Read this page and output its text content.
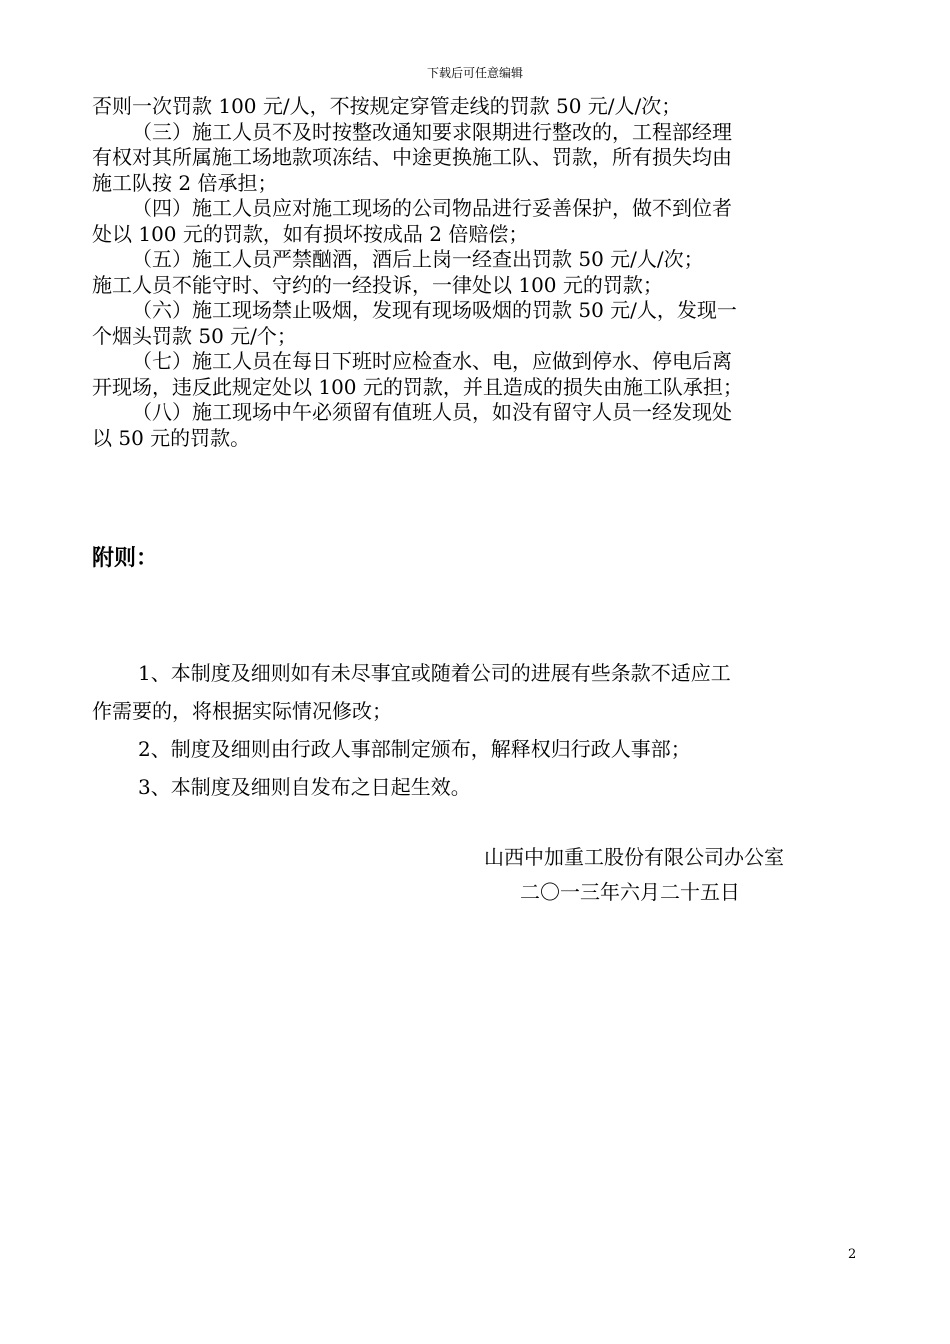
下载后可任意编辑
否则一次罚款 100 元/人，不按规定穿管走线的罚款 50 元/人/次；
（三）施工人员不及时按整改通知要求限期进行整改的，工程部经理
有权对其所属施工场地款项冻结、中途更换施工队、罚款，所有损失均由
施工队按 2 倍承担；
（四）施工人员应对施工现场的公司物品进行妥善保护，做不到位者
处以 100 元的罚款，如有损坏按成品 2 倍赔偿；
（五）施工人员严禁酗酒，酒后上岗一经查出罚款 50 元/人/次；
施工人员不能守时、守约的一经投诉，一律处以 100 元的罚款；
（六）施工现场禁止吸烟，发现有现场吸烟的罚款 50 元/人，发现一
个烟头罚款 50 元/个；
（七）施工人员在每日下班时应检查水、电，应做到停水、停电后离
开现场，违反此规定处以 100 元的罚款，并且造成的损失由施工队承担；
（八）施工现场中午必须留有值班人员，如没有留守人员一经发现处
以 50 元的罚款。
附则：
1、本制度及细则如有未尽事宜或随着公司的进展有些条款不适应工
作需要的，将根据实际情况修改；
2、制度及细则由行政人事部制定颁布，解释权归行政人事部；
3、本制度及细则自发布之日起生效。
山西中加重工股份有限公司办公室
二〇一三年六月二十五日
2
